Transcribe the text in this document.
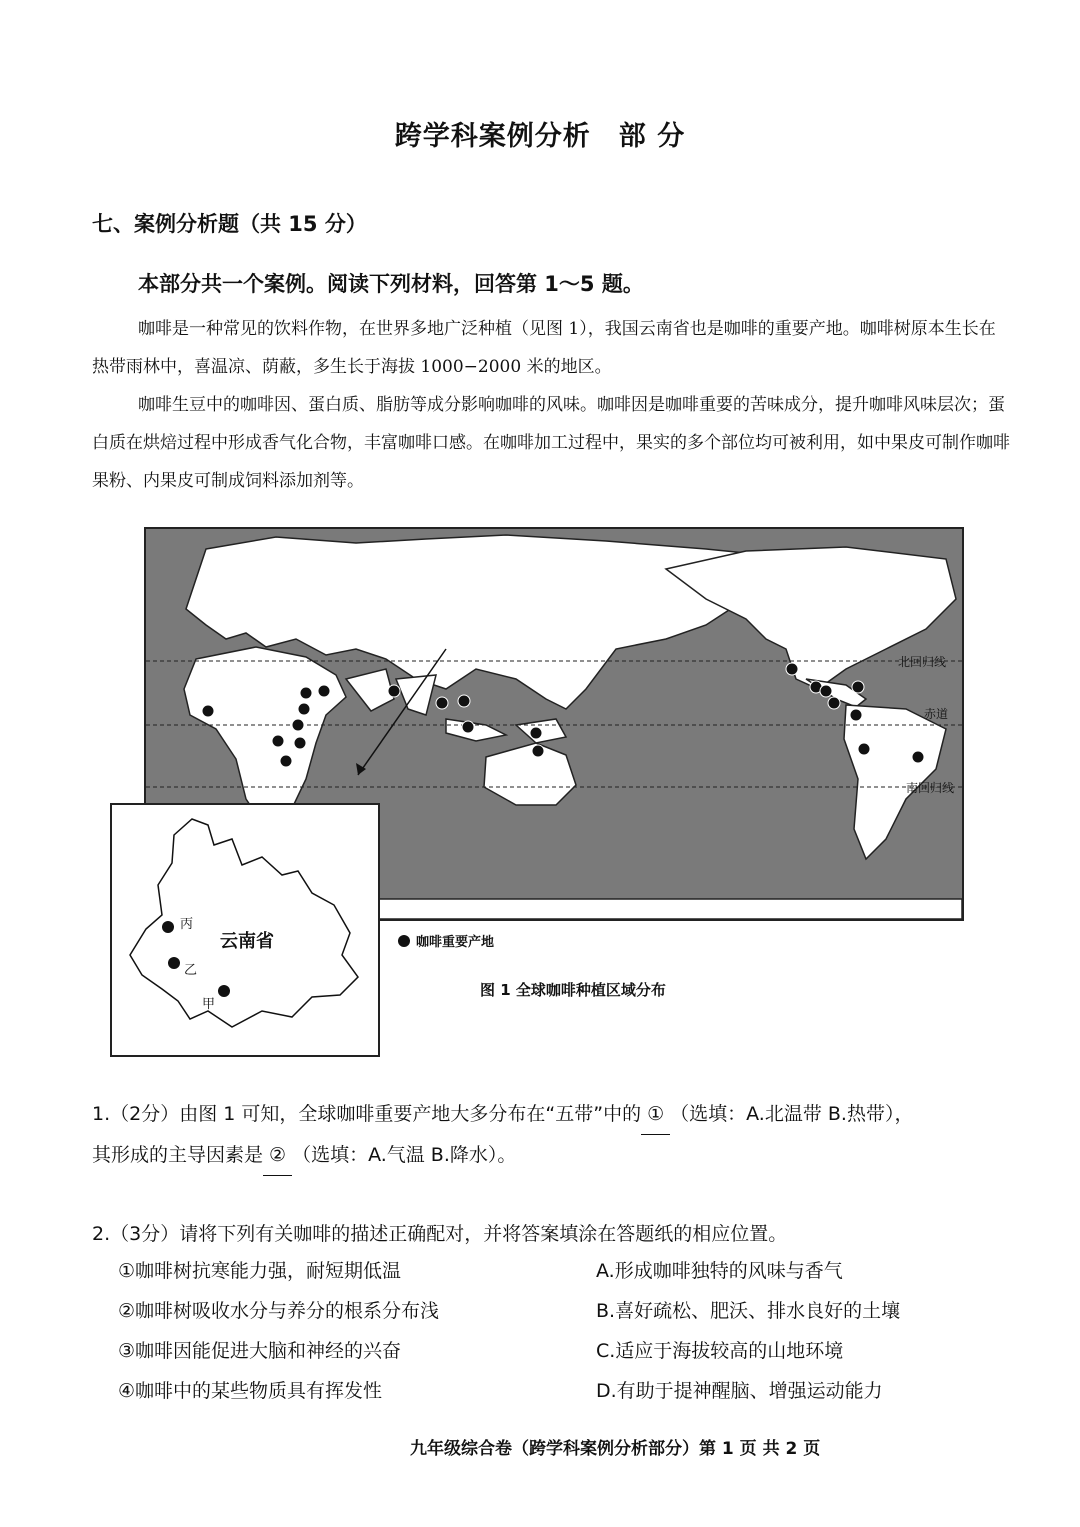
跨学科案例分析　部 分
七、案例分析题（共 15 分）
本部分共一个案例。阅读下列材料，回答第 1～5 题。
咖啡是一种常见的饮料作物，在世界多地广泛种植（见图 1），我国云南省也是咖啡的重要产地。咖啡树原本生长在热带雨林中，喜温凉、荫蔽，多生长于海拔 1000−2000 米的地区。
咖啡生豆中的咖啡因、蛋白质、脂肪等成分影响咖啡的风味。咖啡因是咖啡重要的苦味成分，提升咖啡风味层次；蛋白质在烘焙过程中形成香气化合物，丰富咖啡口感。在咖啡加工过程中，果实的多个部位均可被利用，如中果皮可制作咖啡果粉、内果皮可制成饲料添加剂等。
北回归线
赤道
南回归线
云南省
丙
乙
甲
咖啡重要产地
图 1 全球咖啡种植区域分布
1.（2分）由图 1 可知，全球咖啡重要产地大多分布在“五带”中的 ① （选填：A.北温带 B.热带），
其形成的主导因素是 ② （选填：A.气温 B.降水）。
2.（3分）请将下列有关咖啡的描述正确配对，并将答案填涂在答题纸的相应位置。
①咖啡树抗寒能力强，耐短期低温	A.形成咖啡独特的风味与香气
②咖啡树吸收水分与养分的根系分布浅	B.喜好疏松、肥沃、排水良好的土壤
③咖啡因能促进大脑和神经的兴奋	C.适应于海拔较高的山地环境
④咖啡中的某些物质具有挥发性	D.有助于提神醒脑、增强运动能力
九年级综合卷（跨学科案例分析部分）第 1 页 共 2 页
